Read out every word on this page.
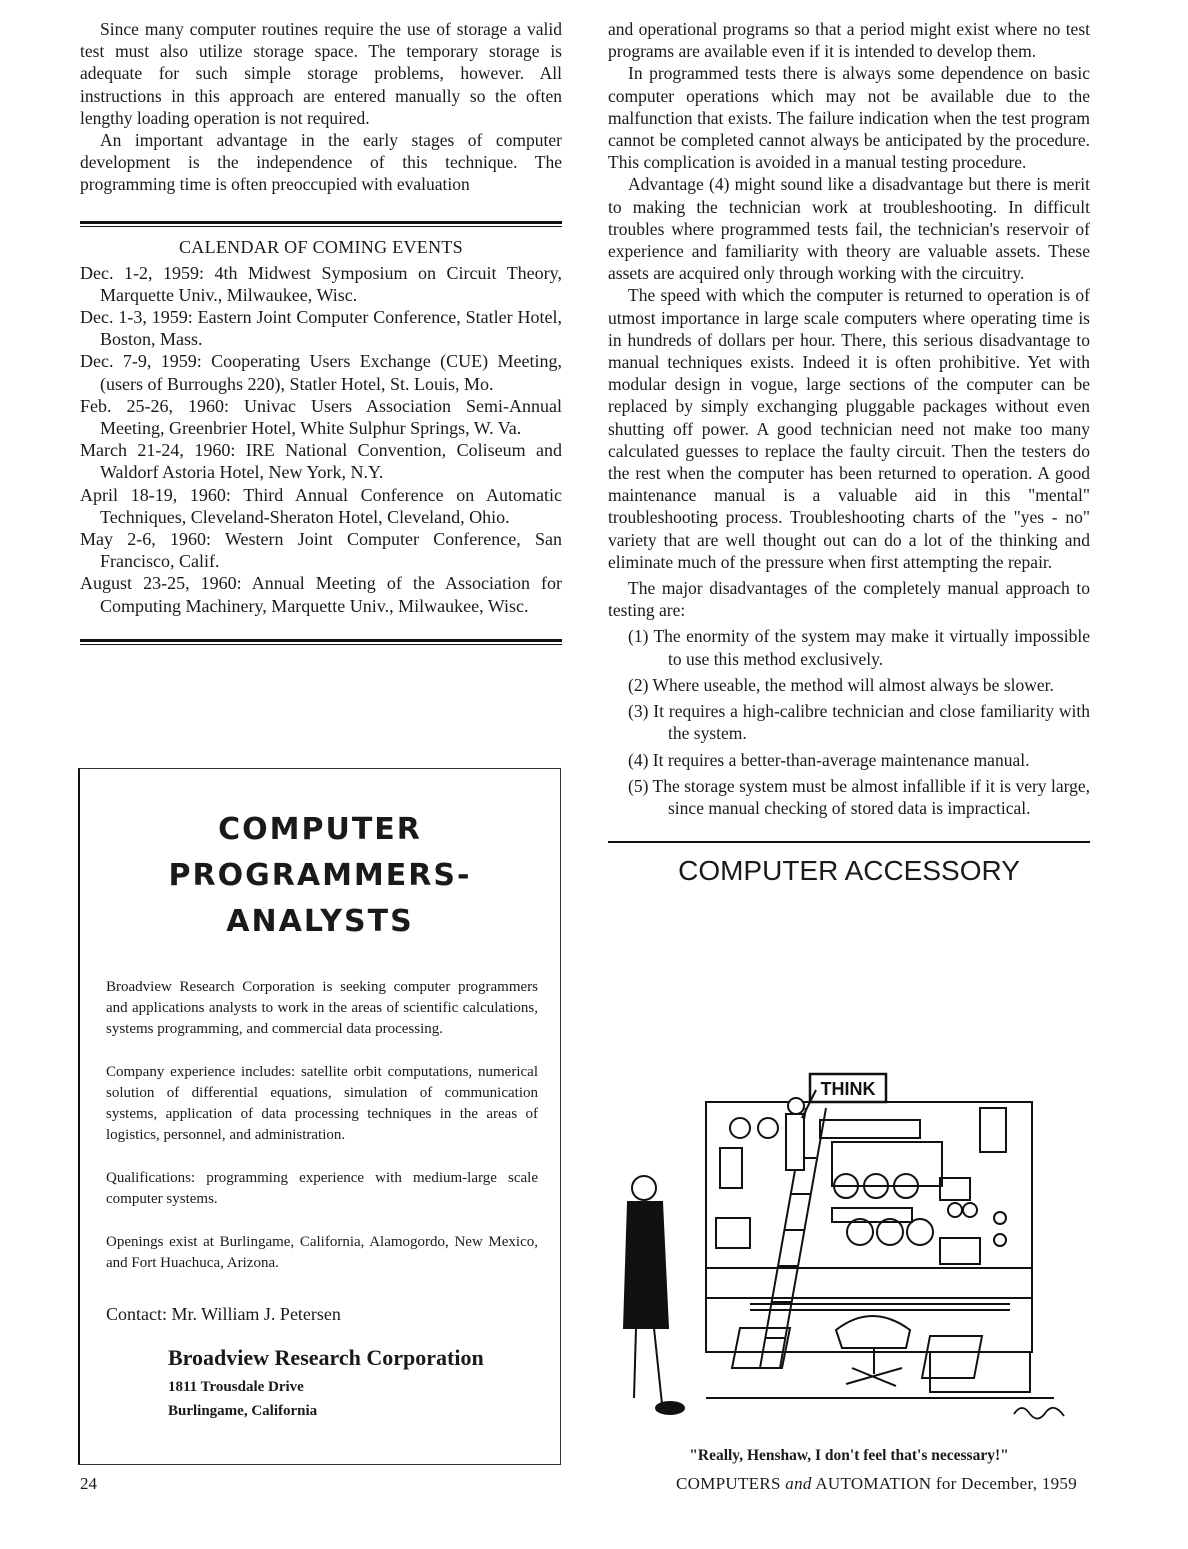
Since many computer routines require the use of storage a valid test must also utilize storage space. The temporary storage is adequate for such simple storage problems, however. All instructions in this approach are entered manually so the often lengthy loading operation is not required.

An important advantage in the early stages of computer development is the independence of this technique. The programming time is often preoccupied with evaluation

CALENDAR OF COMING EVENTS

Dec. 1-2, 1959: 4th Midwest Symposium on Circuit Theory, Marquette Univ., Milwaukee, Wisc.

Dec. 1-3, 1959: Eastern Joint Computer Conference, Statler Hotel, Boston, Mass.

Dec. 7-9, 1959: Cooperating Users Exchange (CUE) Meeting, (users of Burroughs 220), Statler Hotel, St. Louis, Mo.

Feb. 25-26, 1960: Univac Users Association Semi-Annual Meeting, Greenbrier Hotel, White Sulphur Springs, W. Va.

March 21-24, 1960: IRE National Convention, Coliseum and Waldorf Astoria Hotel, New York, N.Y.

April 18-19, 1960: Third Annual Conference on Automatic Techniques, Cleveland-Sheraton Hotel, Cleveland, Ohio.

May 2-6, 1960: Western Joint Computer Conference, San Francisco, Calif.

August 23-25, 1960: Annual Meeting of the Association for Computing Machinery, Marquette Univ., Milwaukee, Wisc.

COMPUTER
PROGRAMMERS-ANALYSTS

Broadview Research Corporation is seeking computer programmers and applications analysts to work in the areas of scientific calculations, systems programming, and commercial data processing.

Company experience includes: satellite orbit computations, numerical solution of differential equations, simulation of communication systems, application of data processing techniques in the areas of logistics, personnel, and administration.

Qualifications: programming experience with medium-large scale computer systems.

Openings exist at Burlingame, California, Alamogordo, New Mexico, and Fort Huachuca, Arizona.

Contact: Mr. William J. Petersen
Broadview Research Corporation
1811 Trousdale Drive
Burlingame, California

and operational programs so that a period might exist where no test programs are available even if it is intended to develop them.

In programmed tests there is always some dependence on basic computer operations which may not be available due to the malfunction that exists. The failure indication when the test program cannot be completed cannot always be anticipated by the procedure. This complication is avoided in a manual testing procedure.

Advantage (4) might sound like a disadvantage but there is merit to making the technician work at troubleshooting. In difficult troubles where programmed tests fail, the technician's reservoir of experience and familiarity with theory are valuable assets. These assets are acquired only through working with the circuitry.

The speed with which the computer is returned to operation is of utmost importance in large scale computers where operating time is in hundreds of dollars per hour. There, this serious disadvantage to manual techniques exists. Indeed it is often prohibitive. Yet with modular design in vogue, large sections of the computer can be replaced by simply exchanging pluggable packages without even shutting off power. A good technician need not make too many calculated guesses to replace the faulty circuit. Then the testers do the rest when the computer has been returned to operation. A good maintenance manual is a valuable aid in this "mental" troubleshooting process. Troubleshooting charts of the "yes - no" variety that are well thought out can do a lot of the thinking and eliminate much of the pressure when first attempting the repair.

The major disadvantages of the completely manual approach to testing are:

(1) The enormity of the system may make it virtually impossible to use this method exclusively.

(2) Where useable, the method will almost always be slower.

(3) It requires a high-calibre technician and close familiarity with the system.

(4) It requires a better-than-average maintenance manual.

(5) The storage system must be almost infallible if it is very large, since manual checking of stored data is impractical.

COMPUTER ACCESSORY
THINK
"Really, Henshaw, I don't feel that's necessary!"
24	COMPUTERS and AUTOMATION for December, 1959
